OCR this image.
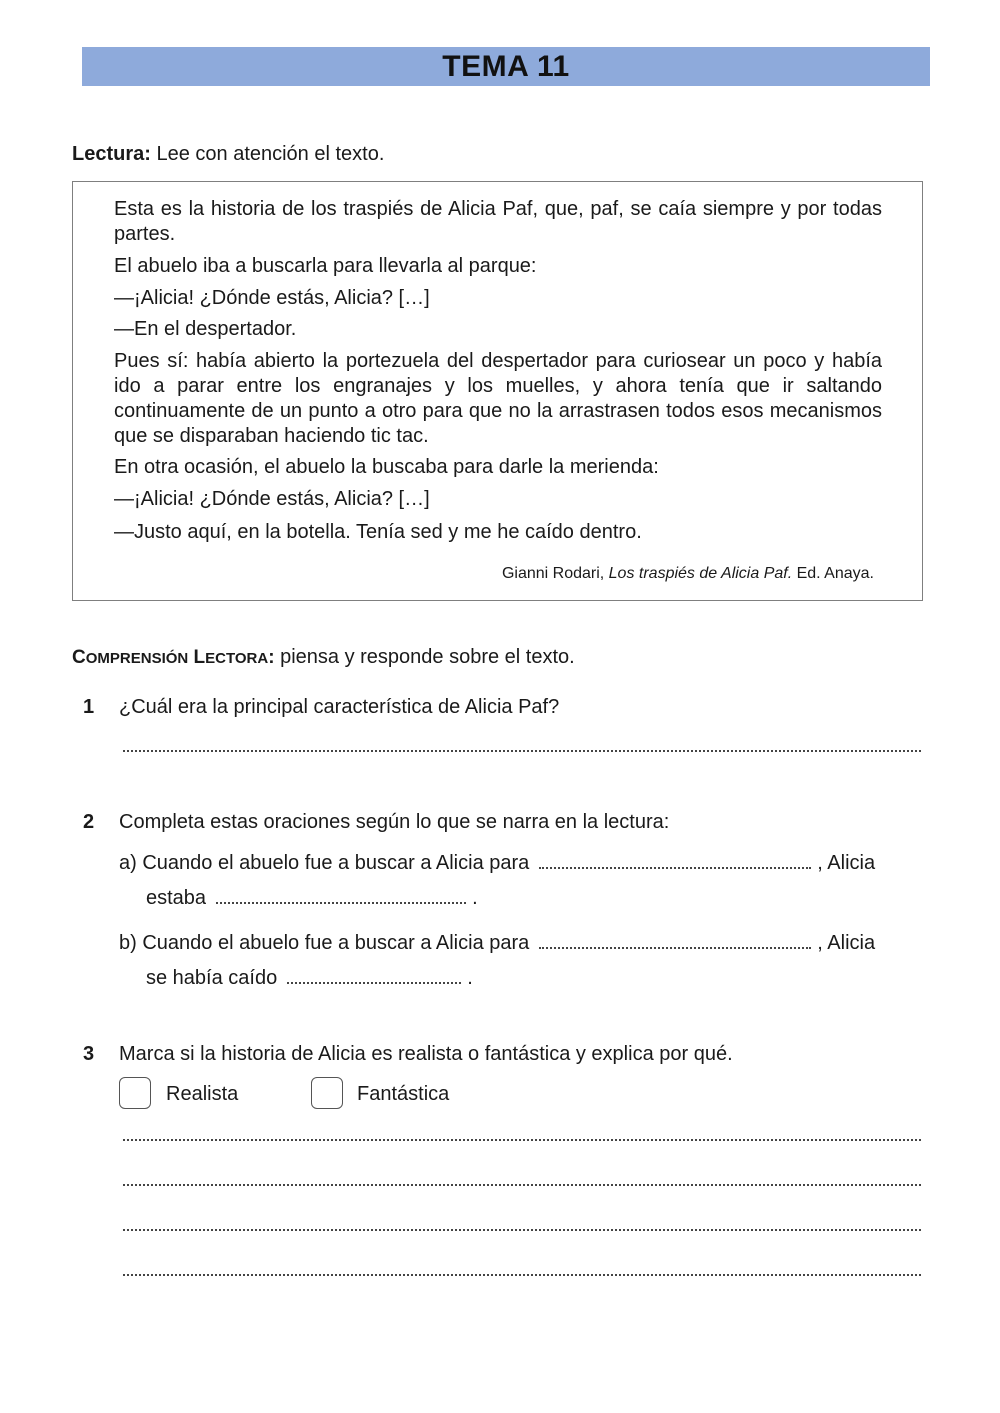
TEMA 11
Lectura: Lee con atención el texto.
Esta es la historia de los traspiés de Alicia Paf, que, paf, se caía siempre y por todas partes.
El abuelo iba a buscarla para llevarla al parque:
—¡Alicia! ¿Dónde estás, Alicia? […]
—En el despertador.
Pues sí: había abierto la portezuela del despertador para curiosear un poco y había ido a parar entre los engranajes y los muelles, y ahora tenía que ir saltando continuamente de un punto a otro para que no la arrastrasen todos esos mecanismos que se disparaban haciendo tic tac.
En otra ocasión, el abuelo la buscaba para darle la merienda:
—¡Alicia! ¿Dónde estás, Alicia? […]
—Justo aquí, en la botella. Tenía sed y me he caído dentro.
Gianni Rodari, Los traspiés de Alicia Paf. Ed. Anaya.
COMPRENSIÓN LECTORA: piensa y responde sobre el texto.
1 ¿Cuál era la principal característica de Alicia Paf?
2 Completa estas oraciones según lo que se narra en la lectura:
a) Cuando el abuelo fue a buscar a Alicia para	, Alicia
estaba	.
b) Cuando el abuelo fue a buscar a Alicia para	, Alicia
se había caído	.
3 Marca si la historia de Alicia es realista o fantástica y explica por qué.
Realista	Fantástica
